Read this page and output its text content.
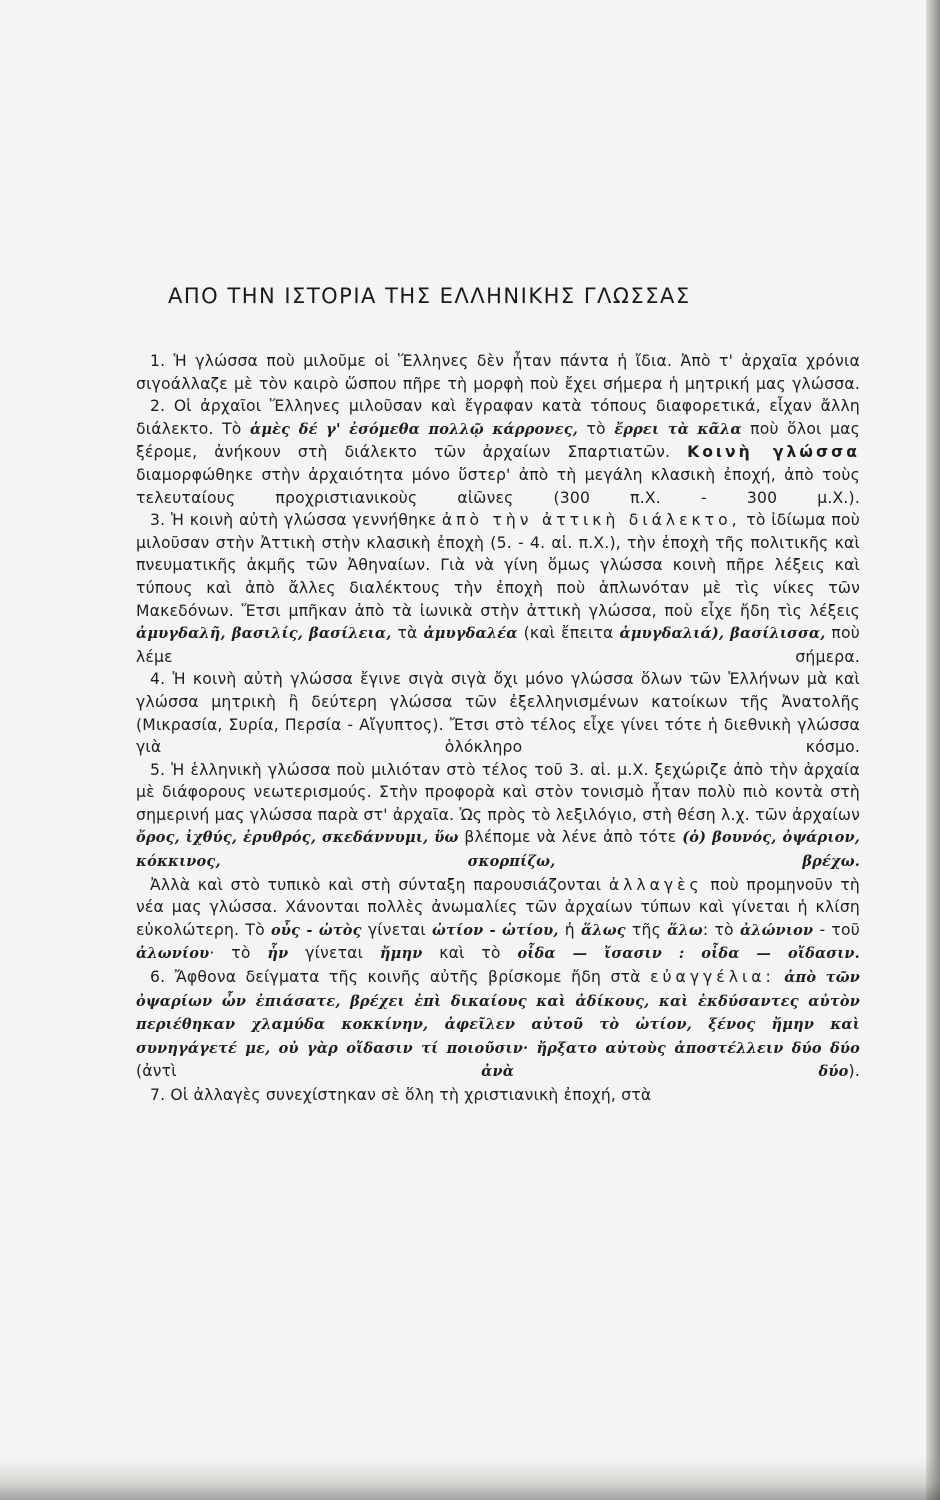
ΑΠΟ ΤΗΝ ΙΣΤΟΡΙΑ ΤΗΣ ΕΛΛΗΝΙΚΗΣ ΓΛΩΣΣΑΣ

1. Ἡ γλώσσα ποὺ μιλοῦμε οἱ Ἕλληνες δὲν ἦταν πάντα ἡ ἴδια. Ἀπὸ τ' ἀρχαῖα χρόνια σιγοάλλαζε μὲ τὸν καιρὸ ὥσπου πῆρε τὴ μορφὴ ποὺ ἔχει σήμερα ἡ μητρική μας γλώσσα.

2. Οἱ ἀρχαῖοι Ἕλληνες μιλοῦσαν καὶ ἔγραφαν κατὰ τόπους διαφορετικά, εἶχαν ἄλλη διάλεκτο. Τὸ ἁμὲς δέ γ' ἐσόμεθα πολλῷ κάρρονες, τὸ ἔρρει τὰ κᾶλα ποὺ ὅλοι μας ξέρομε, ἀνήκουν στὴ διάλεκτο τῶν ἀρχαίων Σπαρτιατῶν. Κοινὴ γλώσσα διαμορφώθηκε στὴν ἀρχαιότητα μόνο ὕστερ' ἀπὸ τὴ μεγάλη κλασικὴ ἐποχή, ἀπὸ τοὺς τελευταίους προχριστιανικοὺς αἰῶνες (300 π.Χ. - 300 μ.Χ.).

3. Ἡ κοινὴ αὐτὴ γλώσσα γεννήθηκε ἀπὸ τὴν ἀττικὴ διάλεκτο, τὸ ἰδίωμα ποὺ μιλοῦσαν στὴν Ἀττικὴ στὴν κλασικὴ ἐποχὴ (5. - 4. αἱ. π.Χ.), τὴν ἐποχὴ τῆς πολιτικῆς καὶ πνευματικῆς ἀκμῆς τῶν Ἀθηναίων. Γιὰ νὰ γίνη ὅμως γλώσσα κοινὴ πῆρε λέξεις καὶ τύπους καὶ ἀπὸ ἄλλες διαλέκτους τὴν ἐποχὴ ποὺ ἁπλωνόταν μὲ τὶς νίκες τῶν Μακεδόνων. Ἔτσι μπῆκαν ἀπὸ τὰ ἰωνικὰ στὴν ἀττικὴ γλώσσα, ποὺ εἶχε ἤδη τὶς λέξεις ἀμυγδαλῆ, βασιλίς, βασίλεια, τὰ ἀμυγδαλέα (καὶ ἔπειτα ἀμυγδαλιά), βασίλισσα, ποὺ λέμε σήμερα.

4. Ἡ κοινὴ αὐτὴ γλώσσα ἔγινε σιγὰ σιγὰ ὄχι μόνο γλώσσα ὅλων τῶν Ἑλλήνων μὰ καὶ γλώσσα μητρικὴ ἢ δεύτερη γλώσσα τῶν ἐξελληνισμένων κατοίκων τῆς Ἀνατολῆς (Μικρασία, Συρία, Περσία - Αἴγυπτος). Ἔτσι στὸ τέλος εἶχε γίνει τότε ἡ διεθνικὴ γλώσσα γιὰ ὁλόκληρο κόσμο.

5. Ἡ ἑλληνικὴ γλώσσα ποὺ μιλιόταν στὸ τέλος τοῦ 3. αἱ. μ.Χ. ξεχώριζε ἀπὸ τὴν ἀρχαία μὲ διάφορους νεωτερισμούς. Στὴν προφορὰ καὶ στὸν τονισμὸ ἦταν πολὺ πιὸ κοντὰ στὴ σημερινή μας γλώσσα παρὰ στ' ἀρχαῖα. Ὡς πρὸς τὸ λεξιλόγιο, στὴ θέση λ.χ. τῶν ἀρχαίων ὄρος, ἰχθύς, ἐρυθρός, σκεδάννυμι, ὕω βλέπομε νὰ λένε ἀπὸ τότε (ὁ) βουνός, ὀψάριον, κόκκινος, σκορπίζω, βρέχω.

Ἀλλὰ καὶ στὸ τυπικὸ καὶ στὴ σύνταξη παρουσιάζονται ἀλλαγὲς ποὺ προμηνοῦν τὴ νέα μας γλώσσα. Χάνονται πολλὲς ἀνωμαλίες τῶν ἀρχαίων τύπων καὶ γίνεται ἡ κλίση εὐκολώτερη. Τὸ οὖς - ὠτὸς γίνεται ὠτίον - ὠτίου, ἡ ἅλως τῆς ἅλω: τὸ ἀλώνιον - τοῦ ἀλωνίου· τὸ ἦν γίνεται ἤμην καὶ τὸ οἶδα — ἴσασιν : οἶδα — οἴδασιν.

6. Ἄφθονα δείγματα τῆς κοινῆς αὐτῆς βρίσκομε ἤδη στὰ εὐαγγέλια: ἀπὸ τῶν ὀψαρίων ὧν ἐπιάσατε, βρέχει ἐπὶ δικαίους καὶ ἀδίκους, καὶ ἐκδύσαντες αὐτὸν περιέθηκαν χλαμύδα κοκκίνην, ἀφεῖλεν αὐτοῦ τὸ ὠτίον, ξένος ἤμην καὶ συνηγάγετέ με, οὐ γὰρ οἴδασιν τί ποιοῦσιν· ἤρξατο αὐτοὺς ἀποστέλλειν δύο δύο (ἀντὶ	ἀνὰ δύο).

7. Οἱ ἀλλαγὲς συνεχίστηκαν σὲ ὅλη τὴ χριστιανικὴ ἐποχή, στὰ
